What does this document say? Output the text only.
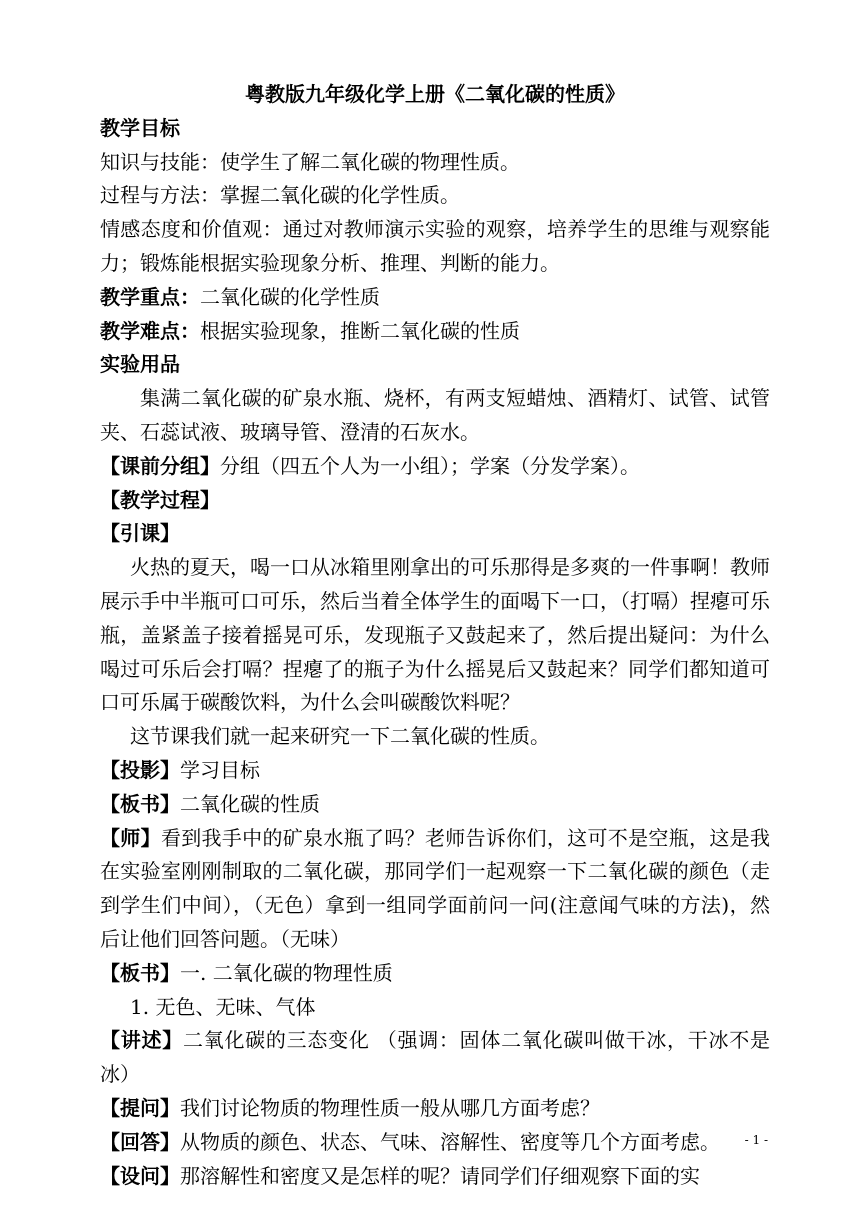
粤教版九年级化学上册《二氧化碳的性质》

教学目标

知识与技能：使学生了解二氧化碳的物理性质。

过程与方法：掌握二氧化碳的化学性质。

情感态度和价值观：通过对教师演示实验的观察，培养学生的思维与观察能力；锻炼能根据实验现象分析、推理、判断的能力。

教学重点：二氧化碳的化学性质

教学难点：根据实验现象，推断二氧化碳的性质

实验用品

集满二氧化碳的矿泉水瓶、烧杯，有两支短蜡烛、酒精灯、试管、试管夹、石蕊试液、玻璃导管、澄清的石灰水。

【课前分组】分组（四五个人为一小组）；学案（分发学案）。

【教学过程】

【引课】

火热的夏天，喝一口从冰箱里刚拿出的可乐那得是多爽的一件事啊！教师展示手中半瓶可口可乐，然后当着全体学生的面喝下一口，（打嗝）捏瘪可乐瓶，盖紧盖子接着摇晃可乐，发现瓶子又鼓起来了，然后提出疑问：为什么喝过可乐后会打嗝？捏瘪了的瓶子为什么摇晃后又鼓起来？同学们都知道可口可乐属于碳酸饮料，为什么会叫碳酸饮料呢？

这节课我们就一起来研究一下二氧化碳的性质。

【投影】学习目标

【板书】二氧化碳的性质

【师】看到我手中的矿泉水瓶了吗？老师告诉你们，这可不是空瓶，这是我在实验室刚刚制取的二氧化碳，那同学们一起观察一下二氧化碳的颜色（走到学生们中间），（无色）拿到一组同学面前问一问(注意闻气味的方法)，然后让他们回答问题。（无味）

【板书】一. 二氧化碳的物理性质

1. 无色、无味、气体

【讲述】二氧化碳的三态变化 （强调：固体二氧化碳叫做干冰，干冰不是冰）

【提问】我们讨论物质的物理性质一般从哪几方面考虑？

【回答】从物质的颜色、状态、气味、溶解性、密度等几个方面考虑。

【设问】那溶解性和密度又是怎样的呢？请同学们仔细观察下面的实

- 1 -
